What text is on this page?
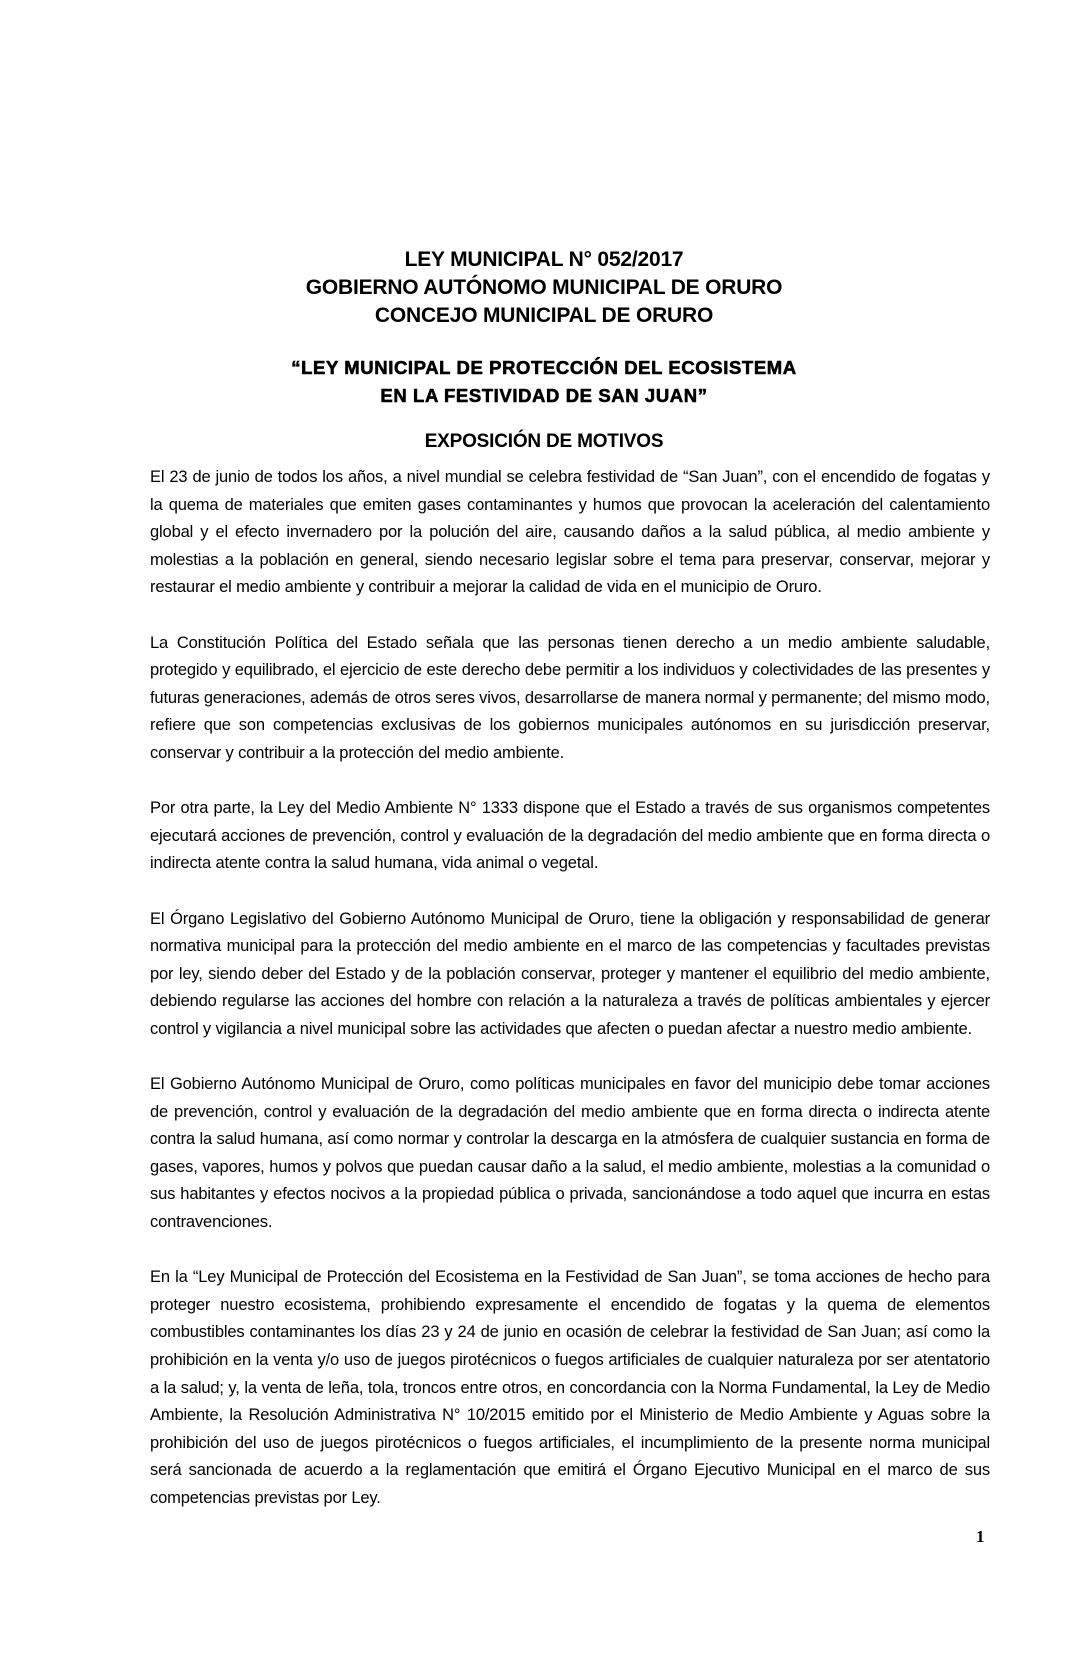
LEY MUNICIPAL N° 052/2017
GOBIERNO AUTÓNOMO MUNICIPAL DE ORURO
CONCEJO MUNICIPAL DE ORURO
“LEY MUNICIPAL DE PROTECCIÓN DEL ECOSISTEMA
EN LA FESTIVIDAD DE SAN JUAN”
EXPOSICIÓN DE MOTIVOS

El 23 de junio de todos los años, a nivel mundial se celebra festividad de “San Juan”, con el encendido de fogatas y la quema de materiales que emiten gases contaminantes y humos que provocan la aceleración del calentamiento global y el efecto invernadero por la polución del aire, causando daños a la salud pública, al medio ambiente y molestias a la población en general, siendo necesario legislar sobre el tema para preservar, conservar, mejorar y restaurar el medio ambiente y contribuir a mejorar la calidad de vida en el municipio de Oruro.

La Constitución Política del Estado señala que las personas tienen derecho a un medio ambiente saludable, protegido y equilibrado, el ejercicio de este derecho debe permitir a los individuos y colectividades de las presentes y futuras generaciones, además de otros seres vivos, desarrollarse de manera normal y permanente; del mismo modo, refiere que son competencias exclusivas de los gobiernos municipales autónomos en su jurisdicción preservar, conservar y contribuir a la protección del medio ambiente.

Por otra parte, la Ley del Medio Ambiente N° 1333 dispone que el Estado a través de sus organismos competentes ejecutará acciones de prevención, control y evaluación de la degradación del medio ambiente que en forma directa o indirecta atente contra la salud humana, vida animal o vegetal.

El Órgano Legislativo del Gobierno Autónomo Municipal de Oruro, tiene la obligación y responsabilidad de generar normativa municipal para la protección del medio ambiente en el marco de las competencias y facultades previstas por ley, siendo deber del Estado y de la población conservar, proteger y mantener el equilibrio del medio ambiente, debiendo regularse las acciones del hombre con relación a la naturaleza a través de políticas ambientales y ejercer control y vigilancia a nivel municipal sobre las actividades que afecten o puedan afectar a nuestro medio ambiente.

El Gobierno Autónomo Municipal de Oruro, como políticas municipales en favor del municipio debe tomar acciones de prevención, control y evaluación de la degradación del medio ambiente que en forma directa o indirecta atente contra la salud humana, así como normar y controlar la descarga en la atmósfera de cualquier sustancia en forma de gases, vapores, humos y polvos que puedan causar daño a la salud, el medio ambiente, molestias a la comunidad o sus habitantes y efectos nocivos a la propiedad pública o privada, sancionándose a todo aquel que incurra en estas contravenciones.

En la “Ley Municipal de Protección del Ecosistema en la Festividad de San Juan”, se toma acciones de hecho para proteger nuestro ecosistema, prohibiendo expresamente el encendido de fogatas y la quema de elementos combustibles contaminantes los días 23 y 24 de junio en ocasión de celebrar la festividad de San Juan; así como la prohibición en la venta y/o uso de juegos pirotécnicos o fuegos artificiales de cualquier naturaleza por ser atentatorio a la salud; y, la venta de leña, tola, troncos entre otros, en concordancia con la Norma Fundamental, la Ley de Medio Ambiente, la Resolución Administrativa N° 10/2015 emitido por el Ministerio de Medio Ambiente y Aguas sobre la prohibición del uso de juegos pirotécnicos o fuegos artificiales, el incumplimiento de la presente norma municipal será sancionada de acuerdo a la reglamentación que emitirá el Órgano Ejecutivo Municipal en el marco de sus competencias previstas por Ley.

1
